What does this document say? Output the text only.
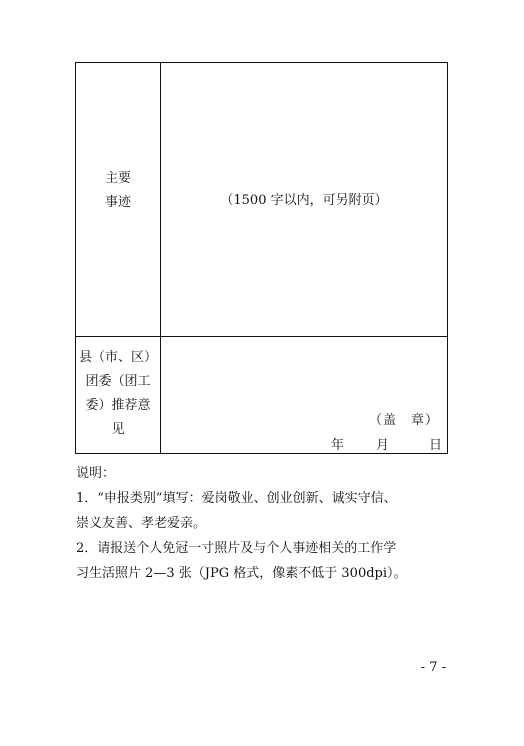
主要
事迹	（1500 字以内，可另附页）
县（市、区）
团委（团工
委）推荐意
见
（盖　章）
年 月	日
说明：
1．“申报类别”填写：爱岗敬业、创业创新、诚实守信、
崇义友善、孝老爱亲。
2．请报送个人免冠一寸照片及与个人事迹相关的工作学
习生活照片 2—3 张（JPG 格式，像素不低于 300dpi）。
- 7 -
